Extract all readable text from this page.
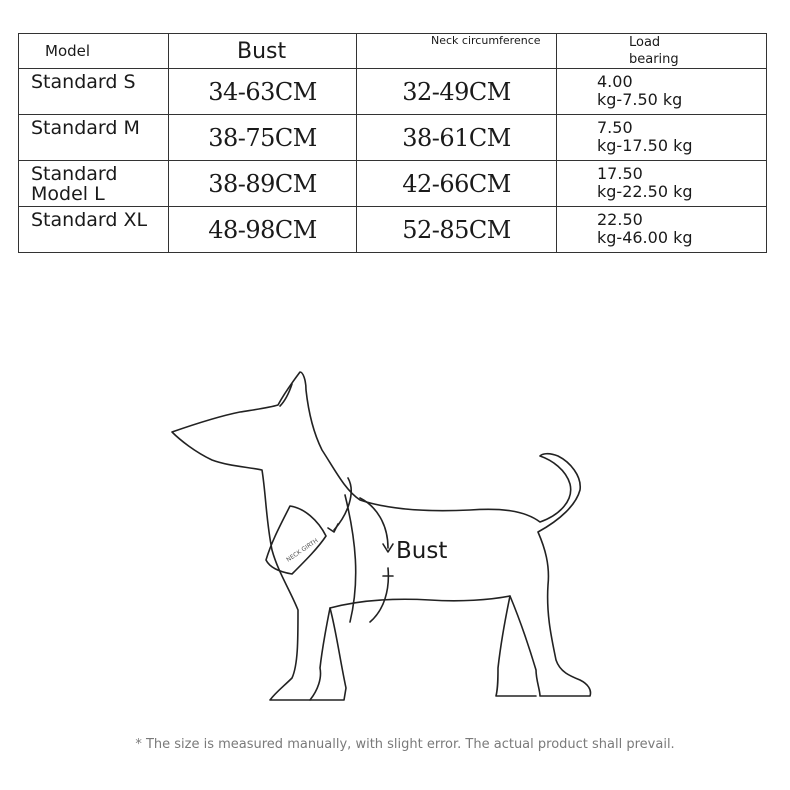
Model	Bust	Neck circumference	Load
bearing

Standard S	34-63CM	32-49CM	4.00
kg-7.50 kg

Standard M	38-75CM	38-61CM	7.50
kg-17.50 kg

Standard Model L	38-89CM	42-66CM	17.50
kg-22.50 kg

Standard XL	48-98CM	52-85CM	22.50
kg-46.00 kg
NECK GIRTH	Bust
* The size is measured manually, with slight error. The actual product shall prevail.
